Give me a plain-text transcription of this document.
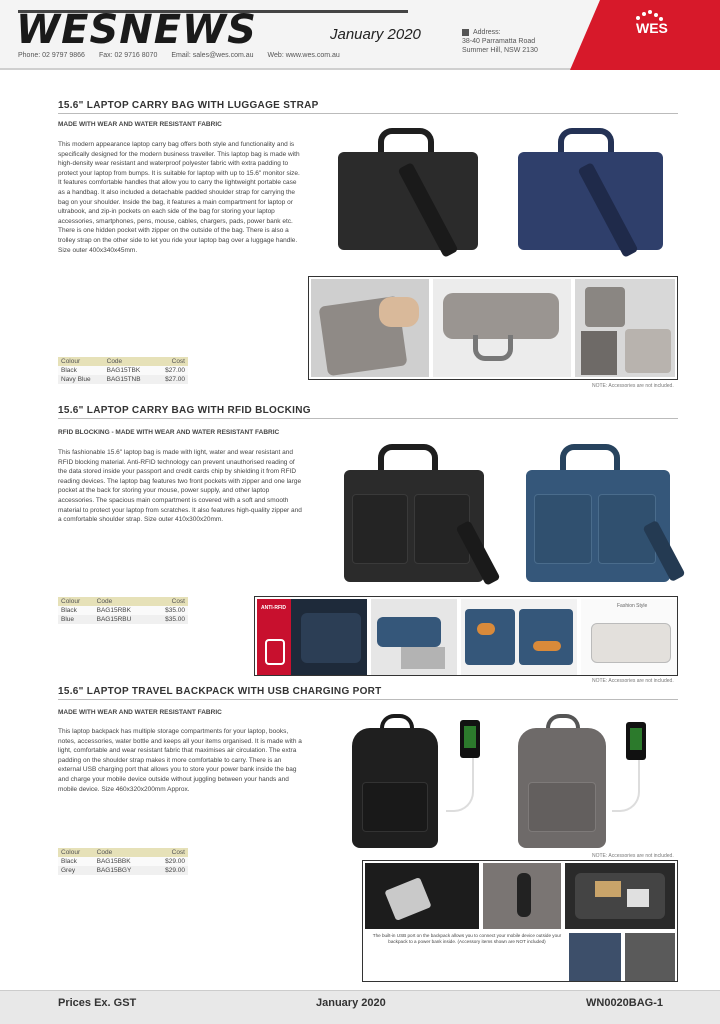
WESNEWS	January 2020
Phone: 02 9797 9866 Fax: 02 9716 8070 Email: sales@wes.com.au Web: www.wes.com.au
Address:
38-40 Parramatta Road
Summer Hill, NSW 2130
WES
15.6" LAPTOP CARRY BAG WITH LUGGAGE STRAP
MADE WITH WEAR AND WATER RESISTANT FABRIC
This modern appearance laptop carry bag offers both style and functionality and is specifically designed for the modern business traveller. This laptop bag is made with high-density wear resistant and waterproof polyester fabric with extra padding to protect your laptop from bumps. It is suitable for laptop with up to 15.6" monitor size. It features comfortable handles that allow you to carry the lightweight portable case as a handbag. It also included a detachable padded shoulder strap for carrying the bag on your shoulder. Inside the bag, it features a main compartment for laptop or ultrabook, and zip-in pockets on each side of the bag for storing your laptop accessories, smartphones, pens, mouse, cables, chargers, pads, power bank etc. There is one hidden pocket with zipper on the outside of the bag. There is also a trolley strap on the other side to let you ride your laptop bag over a luggage handle. Size outer 400x340x45mm.
Colour	Code	Cost
Black	BAG15TBK	$27.00
Navy Blue	BAG15TNB	$27.00
NOTE: Accessories are not included.
15.6" LAPTOP CARRY BAG WITH RFID BLOCKING
RFID BLOCKING - MADE WITH WEAR AND WATER RESISTANT FABRIC
This fashionable 15.6" laptop bag is made with light, water and wear resistant and RFID blocking material. Anti-RFID technology can prevent unauthorised reading of the data stored inside your passport and credit cards chip by shielding it from RFID reading devices. The laptop bag features two front pockets with zipper and one large pocket at the back for storing your mouse, power supply, and other laptop accessories. The spacious main compartment is covered with a soft and smooth material to protect your laptop from scratches. It also features high-quality zipper and a comfortable shoulder strap. Size outer 410x300x20mm.
Colour	Code	Cost
Black	BAG15RBK	$35.00
Blue	BAG15RBU	$35.00
ANTI-RFID	Fashion Style
NOTE: Accessories are not included.
15.6" LAPTOP TRAVEL BACKPACK WITH USB CHARGING PORT
MADE WITH WEAR AND WATER RESISTANT FABRIC
This laptop backpack has multiple storage compartments for your laptop, books, notes, accessories, water bottle and keeps all your items organised. It is made with a light, comfortable and wear resistant fabric that maximises air circulation. The extra padding on the shoulder strap makes it more comfortable to carry. There is an external USB charging port that allows you to store your power bank inside the bag and charge your mobile device outside without juggling between your hands and mobile device. Size 460x320x200mm Approx.
Colour	Code	Cost
Black	BAG15BBK	$29.00
Grey	BAG15BGY	$29.00
NOTE: Accessories are not included.
The built-in USB port on the backpack allows you to connect your mobile device outside your backpack to a power bank inside. (Accessory items shown are NOT included)
Prices Ex. GST	January 2020	WN0020BAG-1
